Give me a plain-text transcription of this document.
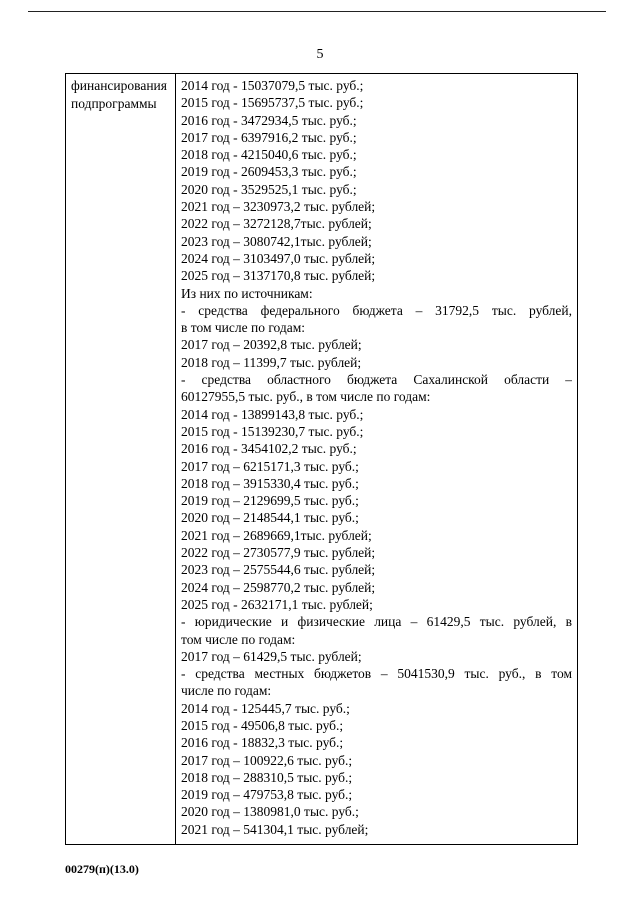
5
финансирования
подпрограммы
2014 год - 15037079,5 тыс. руб.;
2015 год - 15695737,5 тыс. руб.;
2016 год - 3472934,5 тыс. руб.;
2017 год - 6397916,2 тыс. руб.;
2018 год - 4215040,6 тыс. руб.;
2019 год - 2609453,3 тыс. руб.;
2020 год - 3529525,1 тыс. руб.;
2021 год – 3230973,2 тыс. рублей;
2022 год – 3272128,7тыс. рублей;
2023 год – 3080742,1тыс. рублей;
2024 год – 3103497,0 тыс. рублей;
2025 год – 3137170,8 тыс. рублей;
Из них по источникам:
- средства федерального бюджета – 31792,5 тыс. рублей,
в том числе по годам:
2017 год – 20392,8 тыс. рублей;
2018 год – 11399,7 тыс. рублей;
- средства областного бюджета Сахалинской области –
60127955,5 тыс. руб., в том числе по годам:
2014 год - 13899143,8 тыс. руб.;
2015 год - 15139230,7 тыс. руб.;
2016 год - 3454102,2 тыс. руб.;
2017 год – 6215171,3 тыс. руб.;
2018 год – 3915330,4 тыс. руб.;
2019 год – 2129699,5 тыс. руб.;
2020 год – 2148544,1 тыс. руб.;
2021 год – 2689669,1тыс. рублей;
2022 год – 2730577,9 тыс. рублей;
2023 год – 2575544,6 тыс. рублей;
2024 год – 2598770,2 тыс. рублей;
2025 год - 2632171,1 тыс. рублей;
- юридические и физические лица – 61429,5 тыс. рублей, в
том числе по годам:
2017 год – 61429,5 тыс. рублей;
- средства местных бюджетов – 5041530,9 тыс. руб., в том
числе по годам:
2014 год - 125445,7 тыс. руб.;
2015 год - 49506,8 тыс. руб.;
2016 год - 18832,3 тыс. руб.;
2017 год – 100922,6 тыс. руб.;
2018 год – 288310,5 тыс. руб.;
2019 год – 479753,8 тыс. руб.;
2020 год – 1380981,0 тыс. руб.;
2021 год – 541304,1 тыс. рублей;
00279(п)(13.0)
